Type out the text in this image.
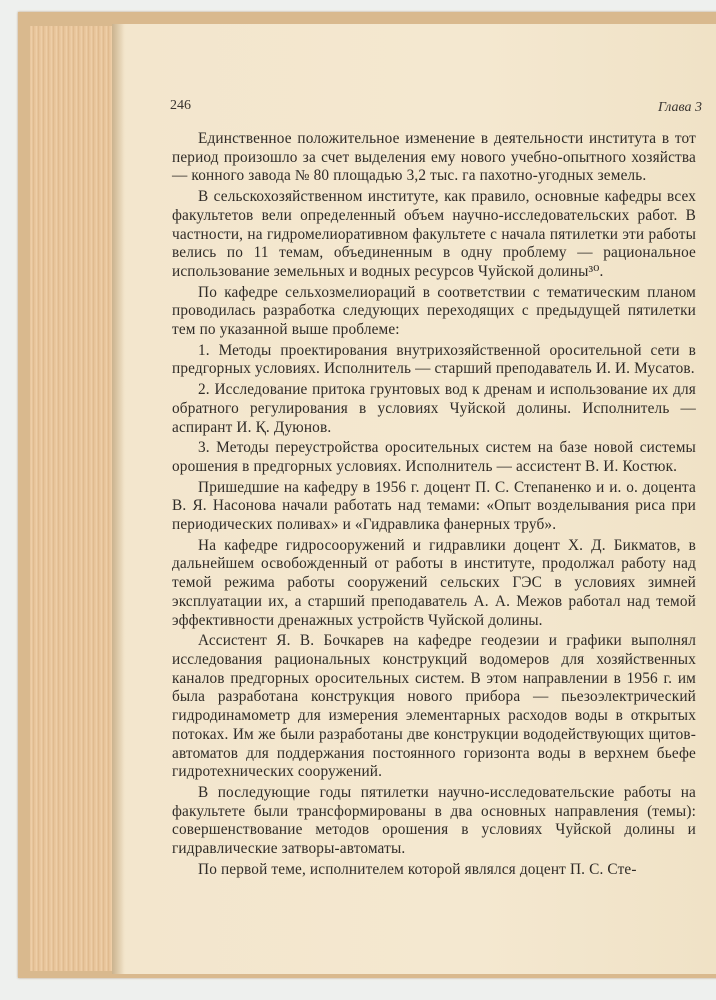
246	Глава 3

Единственное положительное изменение в деятельности института в тот период произошло за счет выделения ему нового учебно-опытного хозяйства — конного завода № 80 площадью 3,2 тыс. га пахотно-угодных земель.

В сельскохозяйственном институте, как правило, основные кафедры всех факультетов вели определенный объем научно-исследовательских работ. В частности, на гидромелиоративном факультете с начала пятилетки эти работы велись по 11 темам, объединенным в одну проблему — рациональное использование земельных и водных ресурсов Чуйской долины³⁰.

По кафедре сельхозмелиораций в соответствии с тематическим планом проводилась разработка следующих переходящих с предыдущей пятилетки тем по указанной выше проблеме:

1. Методы проектирования внутрихозяйственной оросительной сети в предгорных условиях. Исполнитель — старший преподаватель И. И. Мусатов.

2. Исследование притока грунтовых вод к дренам и использование их для обратного регулирования в условиях Чуйской долины. Исполнитель — аспирант И. Қ. Дуюнов.

3. Методы переустройства оросительных систем на базе новой системы орошения в предгорных условиях. Исполнитель — ассистент В. И. Костюк.

Пришедшие на кафедру в 1956 г. доцент П. С. Степаненко и и. о. доцента В. Я. Насонова начали работать над темами: «Опыт возделывания риса при периодических поливах» и «Гидравлика фанерных труб».

На кафедре гидросооружений и гидравлики доцент Х. Д. Бикматов, в дальнейшем освобожденный от работы в институте, продолжал работу над темой режима работы сооружений сельских ГЭС в условиях зимней эксплуатации их, а старший преподаватель А. А. Межов работал над темой эффективности дренажных устройств Чуйской долины.

Ассистент Я. В. Бочкарев на кафедре геодезии и графики выполнял исследования рациональных конструкций водомеров для хозяйственных каналов предгорных оросительных систем. В этом направлении в 1956 г. им была разработана конструкция нового прибора — пьезоэлектрический гидродинамометр для измерения элементарных расходов воды в открытых потоках. Им же были разработаны две конструкции вододействующих щитов-автоматов для поддержания постоянного горизонта воды в верхнем бьефе гидротехнических сооружений.

В последующие годы пятилетки научно-исследовательские работы на факультете были трансформированы в два основных направления (темы): совершенствование методов орошения в условиях Чуйской долины и гидравлические затворы-автоматы.

По первой теме, исполнителем которой являлся доцент П. С. Сте-
